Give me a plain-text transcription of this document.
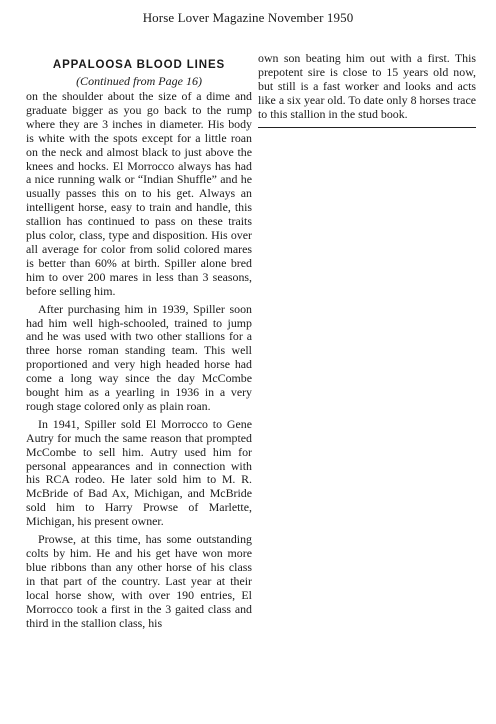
Horse Lover Magazine November 1950
APPALOOSA BLOOD LINES
(Continued from Page 16)

on the shoulder about the size of a dime and graduate bigger as you go back to the rump where they are 3 inches in diameter. His body is white with the spots except for a little roan on the neck and almost black to just above the knees and hocks. El Morrocco always has had a nice running walk or “Indian Shuffle” and he usually passes this on to his get. Always an intelligent horse, easy to train and handle, this stallion has continued to pass on these traits plus color, class, type and disposition. His over all average for color from solid colored mares is better than 60% at birth. Spiller alone bred him to over 200 mares in less than 3 seasons, before selling him.

After purchasing him in 1939, Spiller soon had him well high-schooled, trained to jump and he was used with two other stallions for a three horse roman standing team. This well proportioned and very high headed horse had come a long way since the day McCombe bought him as a yearling in 1936 in a very rough stage colored only as plain roan.

In 1941, Spiller sold El Morrocco to Gene Autry for much the same reason that prompted McCombe to sell him. Autry used him for personal appearances and in connection with his RCA rodeo. He later sold him to M. R. McBride of Bad Ax, Michigan, and McBride sold him to Harry Prowse of Marlette, Michigan, his present owner.

Prowse, at this time, has some outstanding colts by him. He and his get have won more blue ribbons than any other horse of his class in that part of the country. Last year at their local horse show, with over 190 entries, El Morrocco took a first in the 3 gaited class and third in the stallion class, his

own son beating him out with a first. This prepotent sire is close to 15 years old now, but still is a fast worker and looks and acts like a six year old. To date only 8 horses trace to this stallion in the stud book.
